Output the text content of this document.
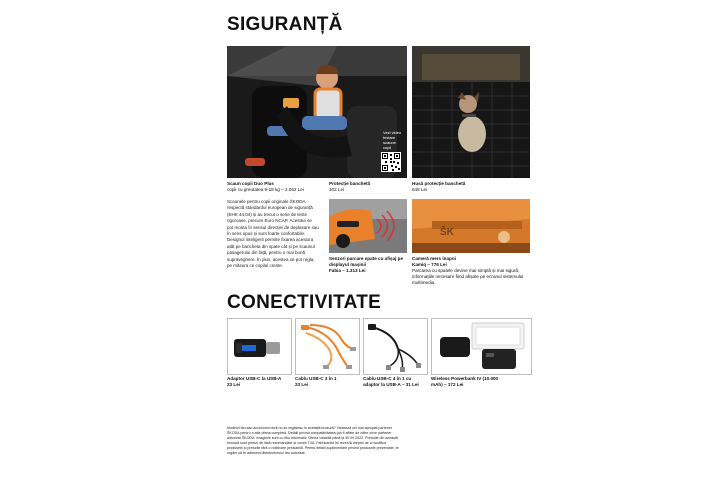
SIGURANȚĂ
Vezi video testare scaune copii
Scaun copii Duo Plus
copii cu greutatea 9-18 kg – 2.062 Lei
Protecție banchetă
102 Lei
Husă protecție banchetă
648 Lei
Scaunele pentru copii originale ŠKODA respectă standardul european de siguranță (EHK 44.04) și au trecut o serie de teste riguroase, precum Euro NCAP. Acestea se pot monta în sensul direcției de deplasare sau în sens opus și sunt foarte confortabile. Designul inteligent permite fixarea acestora atât pe bancheta din spate cât și pe scaunul pasagerului din față, pentru o mai bună supraveghere. În plus, acestea se pot regla, pe măsura ce copilul creste.
ŠK
Senzori parcare spate cu afișaj pe displayul mașinii
Fabia – 1.313 Lei
Cameră mers înapoi
Kamiq – 776 Lei
Parcarea cu spatele devine mai simplă și mai sigură, informațiile necesare fiind afișate pe ecranul sistemului multimedia.
CONECTIVITATE
Adaptor USB-C la USB-A
23 Lei
Cablu USB-C 3 în 1
23 Lei
Cablu USB-C 4 în 1 cu adaptor la USB-A – 31 Lei
Wireless Powerbank IV (10.000 mAh) – 172 Lei
Modelul tău sau accesoriul dorit nu se regăsesc în această broșură? Vizitează cel mai apropiat partener ŠKODA pentru a afla oferta completă. Detalii privind compatibilitatea pot fi aflate de către orice partener autorizat ŠKODA. Imaginile sunt cu titlu informativ. Oferta valabilă până la 30.09.2022. Prețurile din această broșură sunt prețuri de listă recomandate și conțin TVA. Fabricantul își rezervă dreptul de a modifica produsele și prețurile fără o notificare prealabilă. Pentru detalii suplimentare privind produsele prezentate, te rugăm să te adresezi distribuitorului tău autorizat.
